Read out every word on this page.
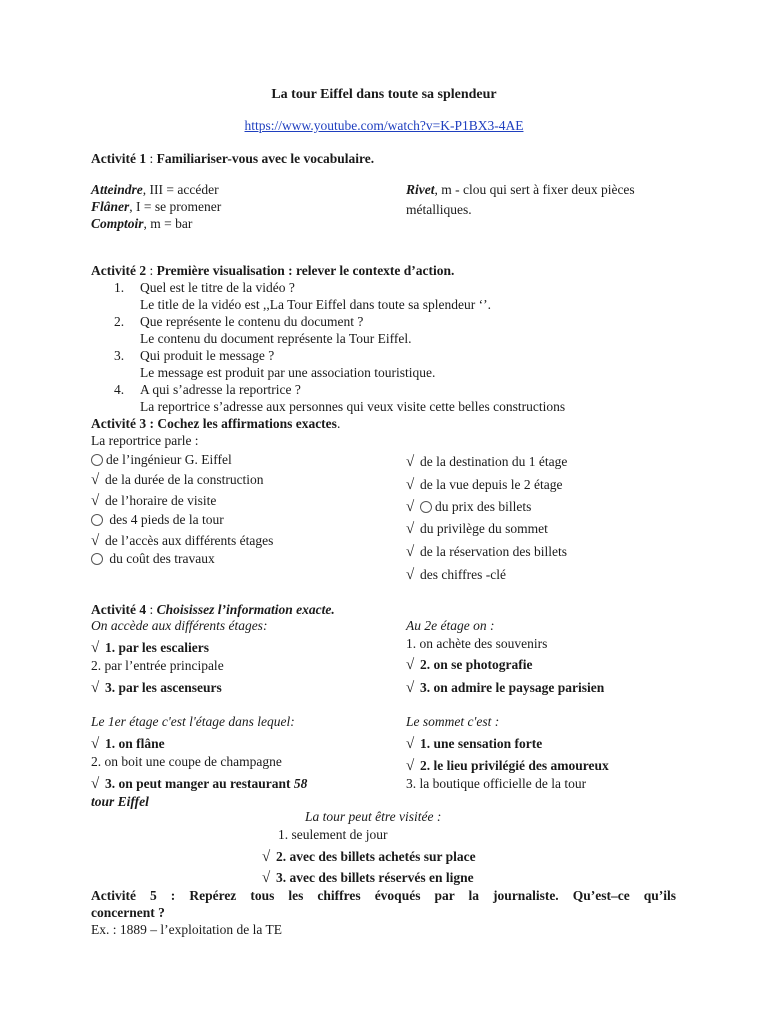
La tour Eiffel dans toute sa splendeur
https://www.youtube.com/watch?v=K-P1BX3-4AE
Activité 1 : Familiariser-vous avec le vocabulaire.
Atteindre, III = accéder
Flâner, I = se promener
Comptoir, m = bar
Rivet, m - clou qui sert à fixer deux pièces
métalliques.
Activité 2 : Première visualisation : relever le contexte d’action.
1. Quel est le titre de la vidéo ?
Le title de la vidéo est ,,La Tour Eiffel dans toute sa splendeur ‘’.
2. Que représente le contenu du document ?
Le contenu du document représente la Tour Eiffel.
3. Qui produit le message ?
Le message est produit par une association touristique.
4. A qui s’adresse la reportrice ?
La reportrice s’adresse aux personnes qui veux visite cette belles constructions
Activité 3 : Cochez les affirmations exactes.
La reportrice parle :
de l’ingénieur G. Eiffel
√ de la durée de la construction
√ de l’horaire de visite
des 4 pieds de la tour
√ de l’accès aux différents étages
du coût des travaux
√ de la destination du 1 étage
√ de la vue depuis le 2 étage
√ du prix des billets
√ du privilège du sommet
√ de la réservation des billets
√ des chiffres -clé
Activité 4 : Choisissez l’information exacte.
On accède aux différents étages:
√ 1. par les escaliers
2. par l’entrée principale
√ 3. par les ascenseurs
Au 2e étage on :
1. on achète des souvenirs
√ 2. on se photografie
√ 3. on admire le paysage parisien
Le 1er étage c'est l'étage dans lequel:
√ 1. on flâne
2. on boit une coupe de champagne
√ 3. on peut manger au restaurant 58
tour Eiffel
Le sommet c'est :
√ 1. une sensation forte
√ 2. le lieu privilégié des amoureux
3. la boutique officielle de la tour
La tour peut être visitée :
1. seulement de jour
√ 2. avec des billets achetés sur place
√ 3. avec des billets réservés en ligne
Activité 5 : Repérez tous les chiffres évoqués par la journaliste. Qu’est–ce qu’ils
concernent ?
Ex. : 1889 – l’exploitation de la TE
